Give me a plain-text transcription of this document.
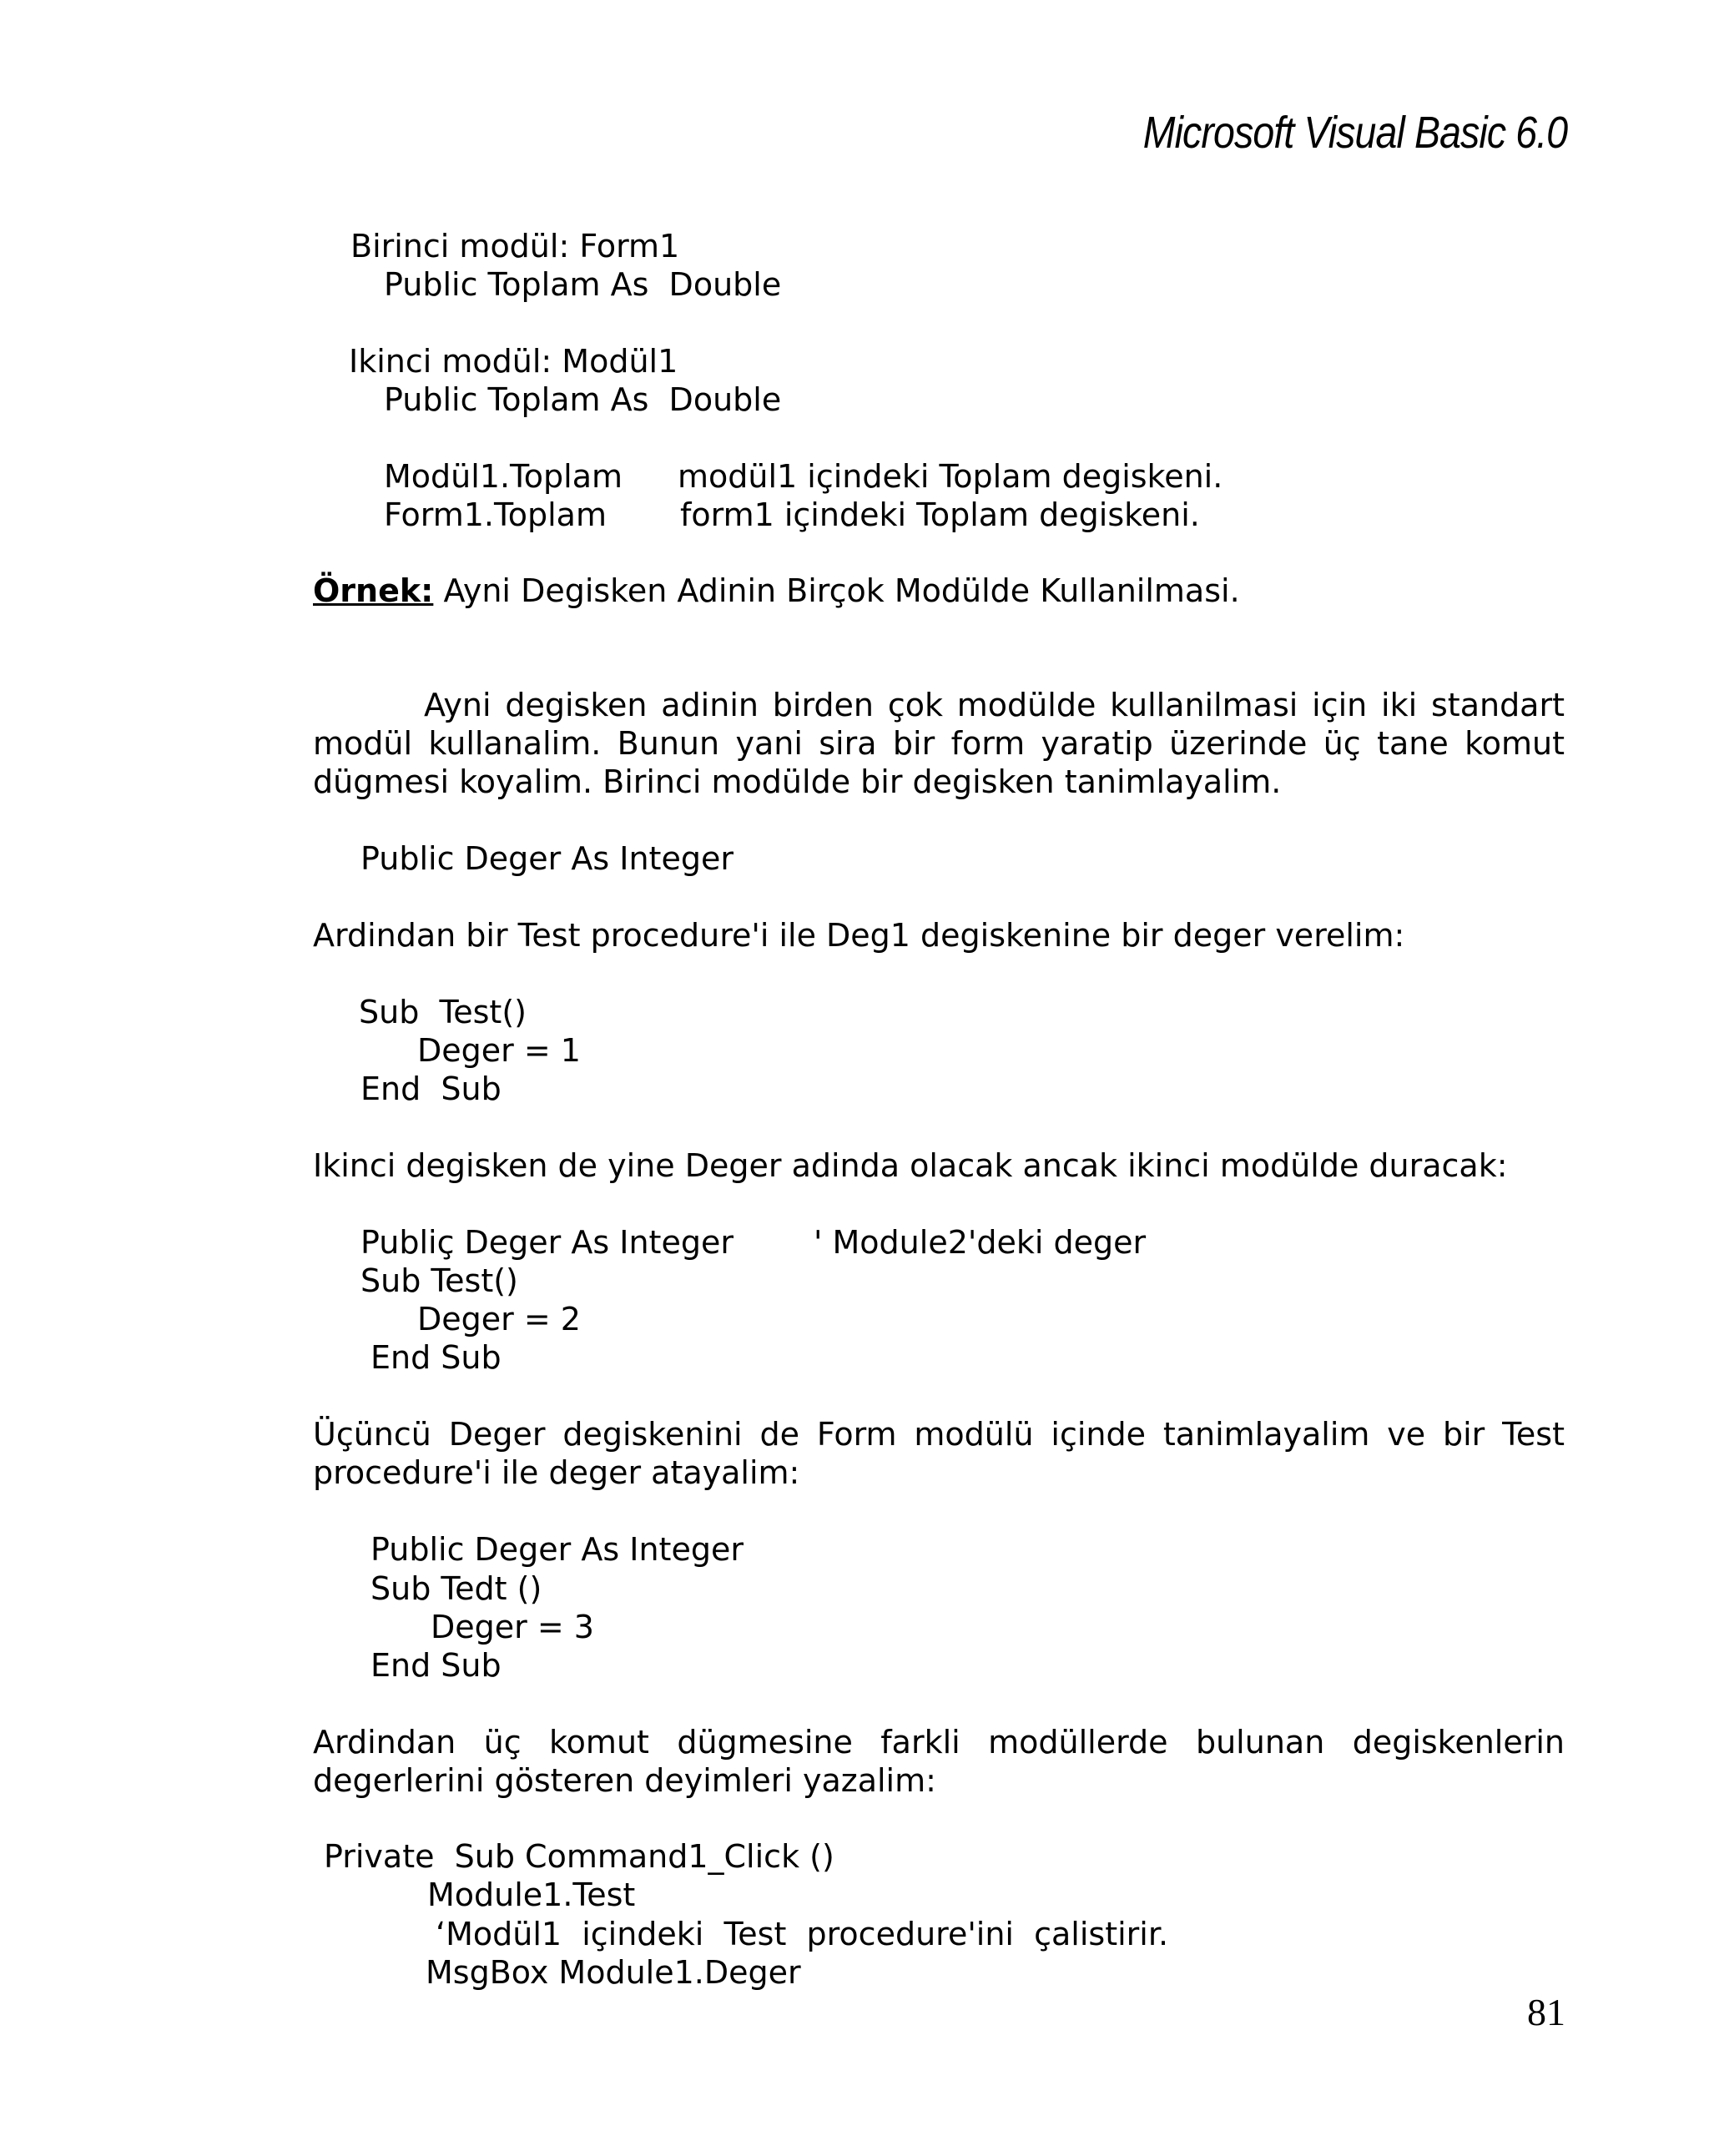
Microsoft Visual Basic 6.0
Birinci modül: Form1
Public Toplam As  Double
Ikinci modül: Modül1
Public Toplam As  Double
Modül1.Toplam modül1 içindeki Toplam degiskeni.
Form1.Toplam form1 içindeki Toplam degiskeni.
Örnek: Ayni Degisken Adinin Birçok Modülde Kullanilmasi.
Ayni degisken adinin birden çok modülde kullanilmasi için iki standart
modül kullanalim. Bunun yani sira bir form yaratip üzerinde üç tane komut
dügmesi koyalim. Birinci modülde bir degisken tanimlayalim.
Public Deger As Integer
Ardindan bir Test procedure'i ile Deg1 degiskenine bir deger verelim:
Sub  Test()
Deger = 1
End  Sub
Ikinci degisken de yine Deger adinda olacak ancak ikinci modülde duracak:
Publiç Deger As Integer	' Module2'deki deger
Sub Test()
Deger = 2
End Sub
Üçüncü Deger degiskenini de Form modülü içinde tanimlayalim ve bir Test
procedure'i ile deger atayalim:
Public Deger As Integer
Sub Tedt ()
Deger = 3
End Sub
Ardindan üç komut dügmesine farkli modüllerde bulunan degiskenlerin
degerlerini gösteren deyimleri yazalim:
Private  Sub Command1_Click ()
Module1.Test
‘Modül1  içindeki  Test  procedure'ini  çalistirir.
MsgBox Module1.Deger
81
